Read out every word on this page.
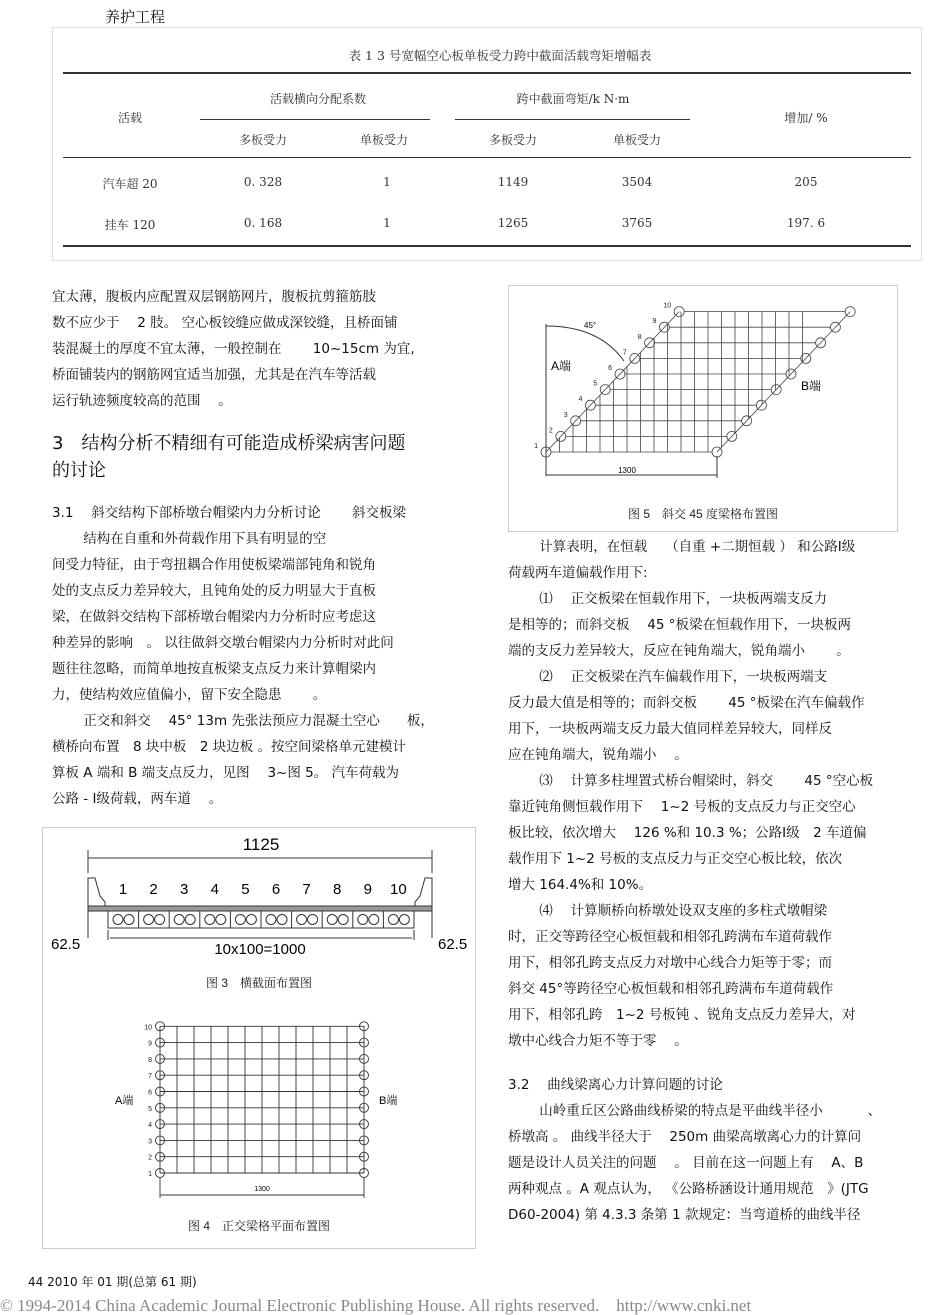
养护工程
表 1 3 号宽幅空心板单板受力跨中截面活载弯矩增幅表
活载
活载横向分配系数	跨中截面弯矩/k N·m
增加/ %
多板受力	单板受力	多板受力	单板受力
汽车超 20	0. 328	1	1149	3504	205
挂车 120	0. 168	1	1265	3765	197. 6
宜太薄，腹板内应配置双层钢筋网片，腹板抗剪箍筋肢
数不应少于　 2 肢。 空心板铰缝应做成深铰缝，且桥面铺
装混凝土的厚度不宜太薄，一般控制在　　 10~15cm 为宜,
桥面铺装内的钢筋网宜适当加强，尤其是在汽车等活载
运行轨迹频度较高的范围　 。
3　结构分析不精细有可能造成桥梁病害问题
的讨论
3.1　 斜交结构下部桥墩台帽梁内力分析讨论　　 斜交板梁
　　 结构在自重和外荷载作用下具有明显的空
间受力特征，由于弯扭耦合作用使板梁端部钝角和锐角
处的支点反力差异较大，且钝角处的反力明显大于直板
梁，在做斜交结构下部桥墩台帽梁内力分析时应考虑这
种差异的影响　。 以往做斜交墩台帽梁内力分析时对此问
题往往忽略，而简单地按直板梁支点反力来计算帽梁内
力，使结构效应值偏小，留下安全隐患　　 。
　　 正交和斜交　 45° 13m 先张法预应力混凝土空心　　板，
横桥向布置　8 块中板　2 块边板 。按空间梁格单元建模计
算板 A 端和 B 端支点反力，见图　 3~图 5。 汽车荷载为
公路 - Ⅰ级荷载，两车道　 。
　　 计算表明，在恒载　 （自重 +二期恒载 ） 和公路Ⅰ级
荷载两车道偏载作用下:
　　 ⑴　 正交板梁在恒载作用下，一块板两端支反力
是相等的；而斜交板　 45 °板梁在恒载作用下，一块板两
端的支反力差异较大，反应在钝角端大，锐角端小　　 。
　　 ⑵　 正交板梁在汽车偏载作用下，一块板两端支
反力最大值是相等的；而斜交板　　 45 °板梁在汽车偏载作
用下，一块板两端支反力最大值同样差异较大，同样反
应在钝角端大，锐角端小　 。
　　 ⑶　 计算多柱埋置式桥台帽梁时，斜交　　 45 °空心板
靠近钝角侧恒载作用下　 1~2 号板的支点反力与正交空心
板比较，依次增大　 126 %和 10.3 %；公路Ⅰ级　2 车道偏
载作用下 1~2 号板的支点反力与正交空心板比较，依次
增大 164.4%和 10%。
　　 ⑷　 计算顺桥向桥墩处设双支座的多柱式墩帽梁
时，正交等跨径空心板恒载和相邻孔跨满布车道荷载作
用下，相邻孔跨支点反力对墩中心线合力矩等于零；而
斜交 45°等跨径空心板恒载和相邻孔跨满布车道荷载作
用下，相邻孔跨　1~2 号板钝 、锐角支点反力差异大，对
墩中心线合力矩不等于零　 。
3.2　 曲线梁离心力计算问题的讨论
　　 山岭重丘区公路曲线桥梁的特点是平曲线半径小　　　 、
桥墩高 。 曲线半径大于　 250m 曲梁高墩离心力的计算问
题是设计人员关注的问题　 。 目前在这一问题上有　 A、B
两种观点 。A 观点认为， 《公路桥涵设计通用规范　》(JTG
D60-2004) 第 4.3.3 条第 1 款规定：当弯道桥的曲线半径
1
2
3
4
5
6
7
8
9
10
45°
1300
A端
B端
图 5　斜交 45 度梁格布置图
1 2 3 4 5 6 7 8 9 10
1125
62.5	62.5
10x100=1000
图 3　横截面布置图
1
2
3
4
5
6
7
8
9
10
A端	B端
1300
图 4　正交梁格平面布置图
44 2010 年 01 期(总第 61 期)
© 1994-2014 China Academic Journal Electronic Publishing House. All rights reserved.　http://www.cnki.net
